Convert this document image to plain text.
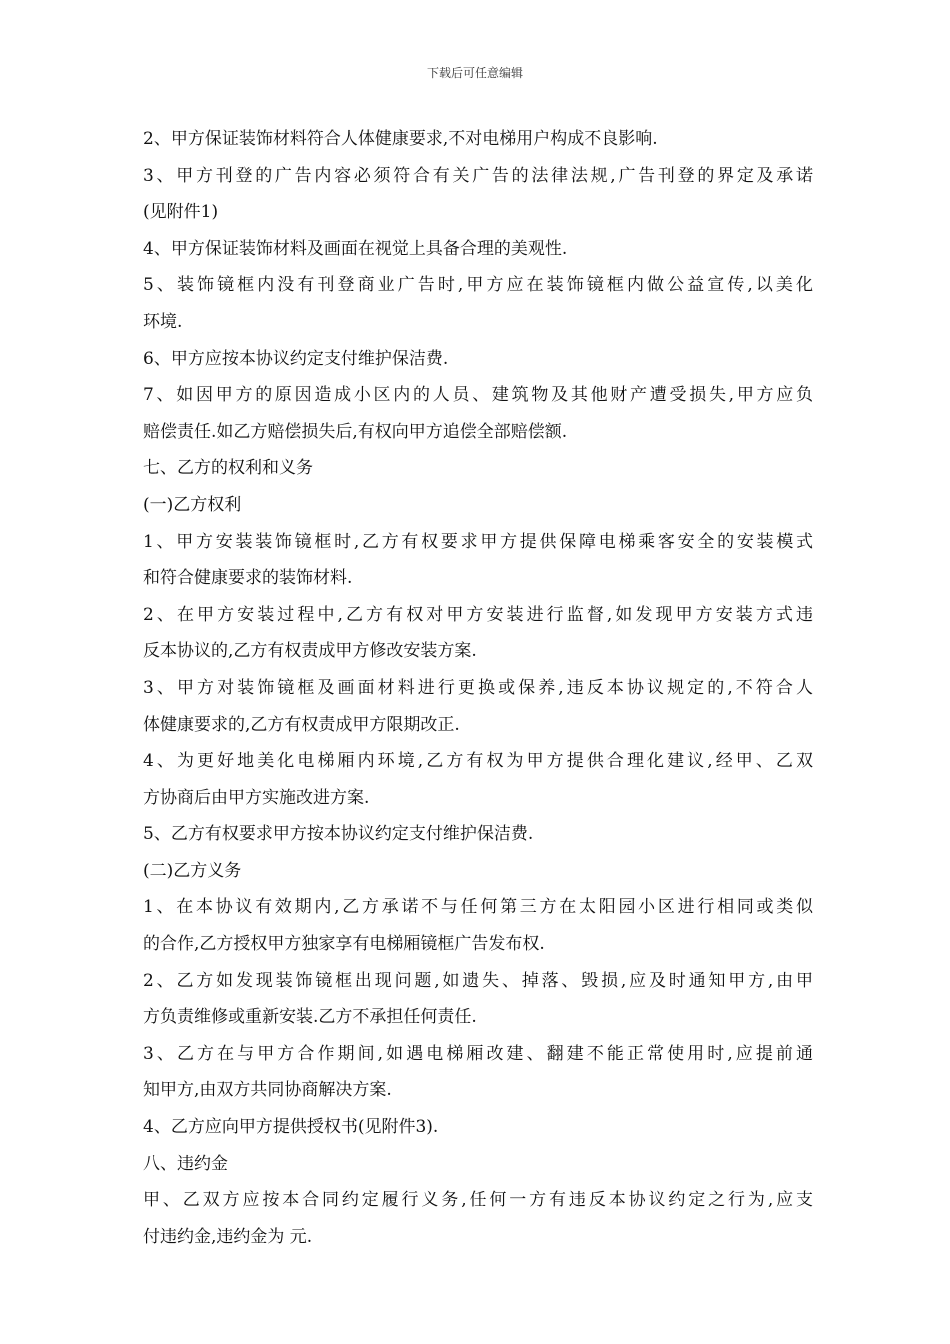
下载后可任意编辑
2、甲方保证装饰材料符合人体健康要求,不对电梯用户构成不良影响.
3、甲方刊登的广告内容必须符合有关广告的法律法规,广告刊登的界定及承诺
(见附件1)
4、甲方保证装饰材料及画面在视觉上具备合理的美观性.
5、装饰镜框内没有刊登商业广告时,甲方应在装饰镜框内做公益宣传,以美化
环境.
6、甲方应按本协议约定支付维护保洁费.
7、如因甲方的原因造成小区内的人员、建筑物及其他财产遭受损失,甲方应负
赔偿责任.如乙方赔偿损失后,有权向甲方追偿全部赔偿额.
七、乙方的权利和义务
(一)乙方权利
1、甲方安装装饰镜框时,乙方有权要求甲方提供保障电梯乘客安全的安装模式
和符合健康要求的装饰材料.
2、在甲方安装过程中,乙方有权对甲方安装进行监督,如发现甲方安装方式违
反本协议的,乙方有权责成甲方修改安装方案.
3、甲方对装饰镜框及画面材料进行更换或保养,违反本协议规定的,不符合人
体健康要求的,乙方有权责成甲方限期改正.
4、为更好地美化电梯厢内环境,乙方有权为甲方提供合理化建议,经甲、乙双
方协商后由甲方实施改进方案.
5、乙方有权要求甲方按本协议约定支付维护保洁费.
(二)乙方义务
1、在本协议有效期内,乙方承诺不与任何第三方在太阳园小区进行相同或类似
的合作,乙方授权甲方独家享有电梯厢镜框广告发布权.
2、乙方如发现装饰镜框出现问题,如遗失、掉落、毁损,应及时通知甲方,由甲
方负责维修或重新安装.乙方不承担任何责任.
3、乙方在与甲方合作期间,如遇电梯厢改建、翻建不能正常使用时,应提前通
知甲方,由双方共同协商解决方案.
4、乙方应向甲方提供授权书(见附件3).
八、违约金
甲、乙双方应按本合同约定履行义务,任何一方有违反本协议约定之行为,应支
付违约金,违约金为 元.
